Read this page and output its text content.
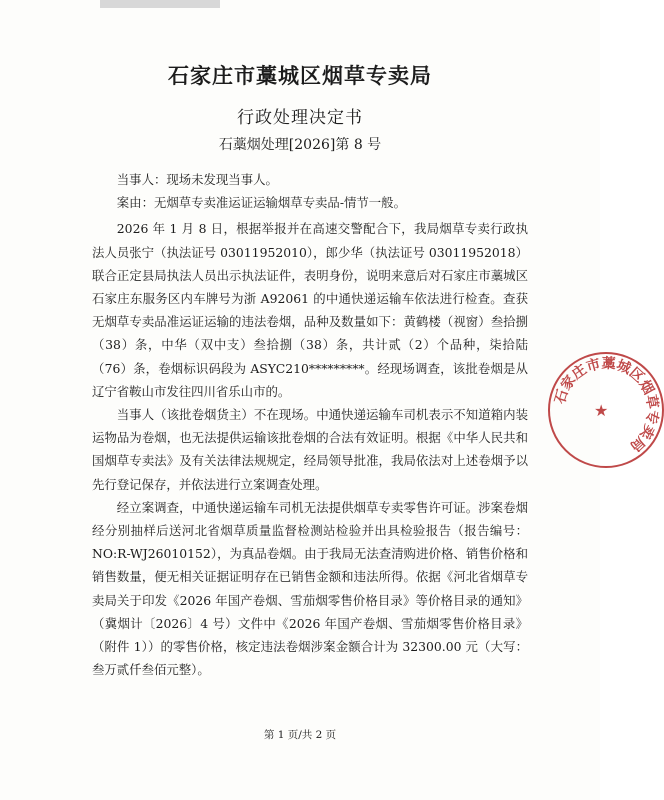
石家庄市藁城区烟草专卖局
行政处理决定书
石藁烟处理[2026]第 8 号

当事人：现场未发现当事人。

案由：无烟草专卖准运证运输烟草专卖品-情节一般。

2026 年 1 月 8 日，根据举报并在高速交警配合下，我局烟草专卖行政执法人员张宁（执法证号 03011952010），郎少华（执法证号 03011952018）联合正定县局执法人员出示执法证件，表明身份，说明来意后对石家庄市藁城区石家庄东服务区内车牌号为浙 A92061 的中通快递运输车依法进行检查。查获无烟草专卖品准运证运输的违法卷烟，品种及数量如下：黄鹤楼（视窗）叁拾捌（38）条，中华（双中支）叁拾捌（38）条，共计贰（2）个品种，柒拾陆（76）条，卷烟标识码段为 ASYC210*********。经现场调查，该批卷烟是从辽宁省鞍山市发往四川省乐山市的。

当事人（该批卷烟货主）不在现场。中通快递运输车司机表示不知道箱内装运物品为卷烟，也无法提供运输该批卷烟的合法有效证明。根据《中华人民共和国烟草专卖法》及有关法律法规规定，经局领导批准，我局依法对上述卷烟予以先行登记保存，并依法进行立案调查处理。

经立案调查，中通快递运输车司机无法提供烟草专卖零售许可证。涉案卷烟经分别抽样后送河北省烟草质量监督检测站检验并出具检验报告（报告编号：NO:R-WJ26010152），为真品卷烟。由于我局无法查清购进价格、销售价格和销售数量，便无相关证据证明存在已销售金额和违法所得。依据《河北省烟草专卖局关于印发《2026 年国产卷烟、雪茄烟零售价格目录》等价格目录的通知》（冀烟计〔2026〕4 号）文件中《2026 年国产卷烟、雪茄烟零售价格目录》（附件 1））的零售价格，核定违法卷烟涉案金额合计为 32300.00 元（大写：叁万贰仟叁佰元整）。

石家庄市藁城区烟草专卖局
★
第 1 页/共 2 页
